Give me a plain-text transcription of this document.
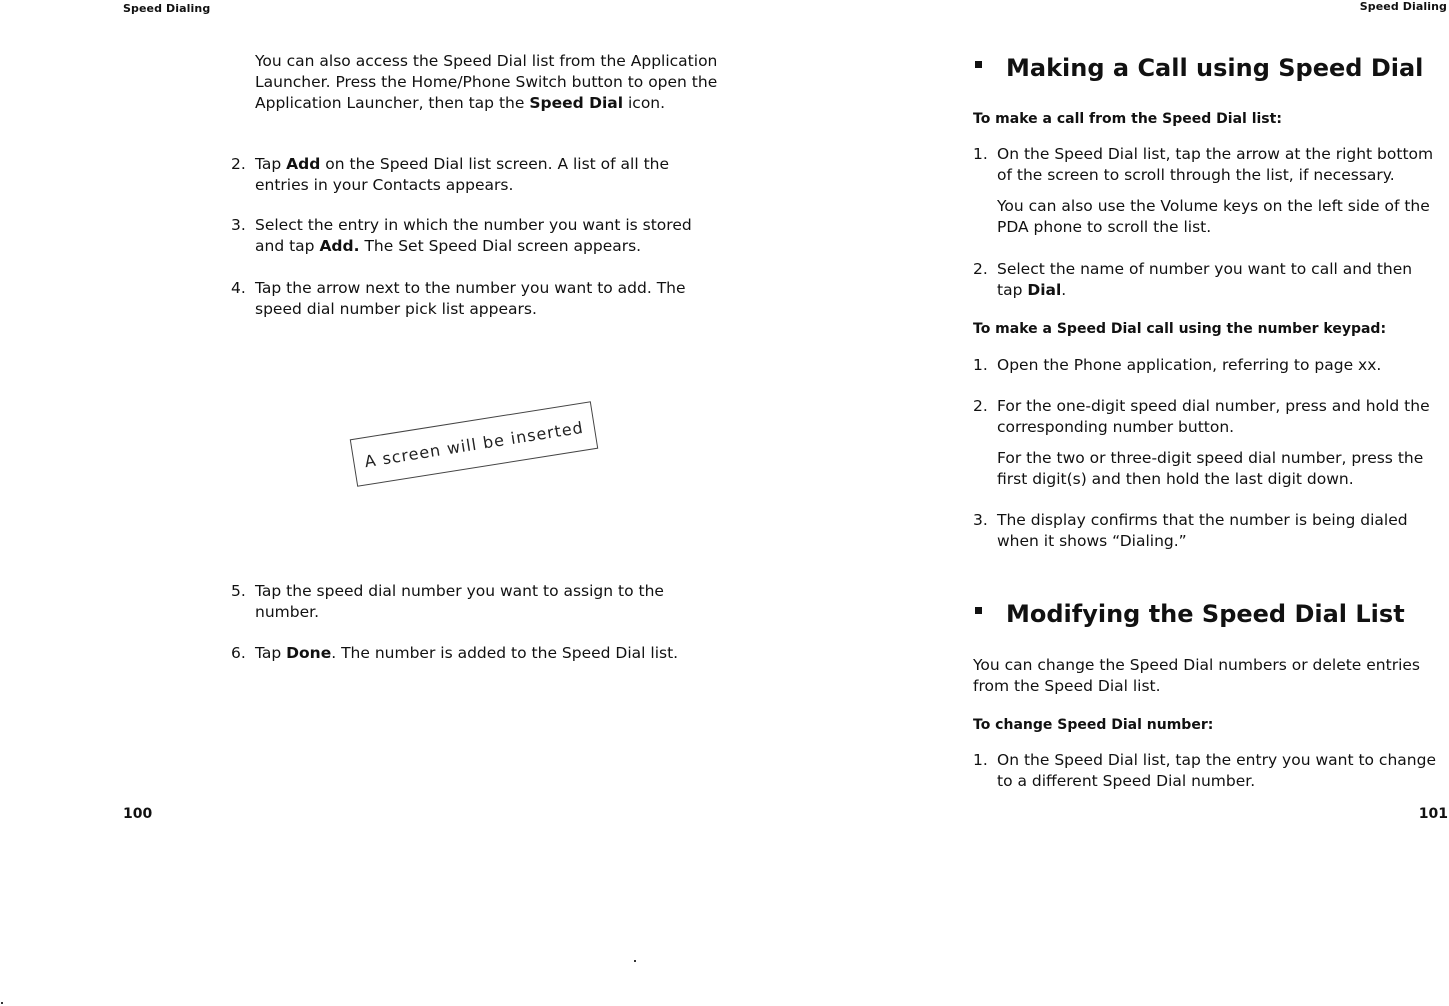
Speed Dialing

You can also access the Speed Dial list from the Application Launcher. Press the Home/Phone Switch button to open the Application Launcher, then tap the Speed Dial icon.

2. Tap Add on the Speed Dial list screen. A list of all the entries in your Contacts appears.

3. Select the entry in which the number you want is stored and tap Add. The Set Speed Dial screen appears.

4. Tap the arrow next to the number you want to add. The speed dial number pick list appears.

A screen will be inserted
5. Tap the speed dial number you want to assign to the number.

6. Tap Done. The number is added to the Speed Dial list.

100
Speed Dialing
Making a Call using Speed Dial
To make a call from the Speed Dial list:
1. On the Speed Dial list, tap the arrow at the right bottom of the screen to scroll through the list, if necessary.

You can also use the Volume keys on the left side of the PDA phone to scroll the list.

2. Select the name of number you want to call and then tap Dial.

To make a Speed Dial call using the number keypad:
1. Open the Phone application, referring to page xx.

2. For the one-digit speed dial number, press and hold the corresponding number button.

For the two or three-digit speed dial number, press the first digit(s) and then hold the last digit down.

3. The display confirms that the number is being dialed when it shows “Dialing.”

Modifying the Speed Dial List

You can change the Speed Dial numbers or delete entries from the Speed Dial list.

To change Speed Dial number:
1. On the Speed Dial list, tap the entry you want to change to a different Speed Dial number.

101
